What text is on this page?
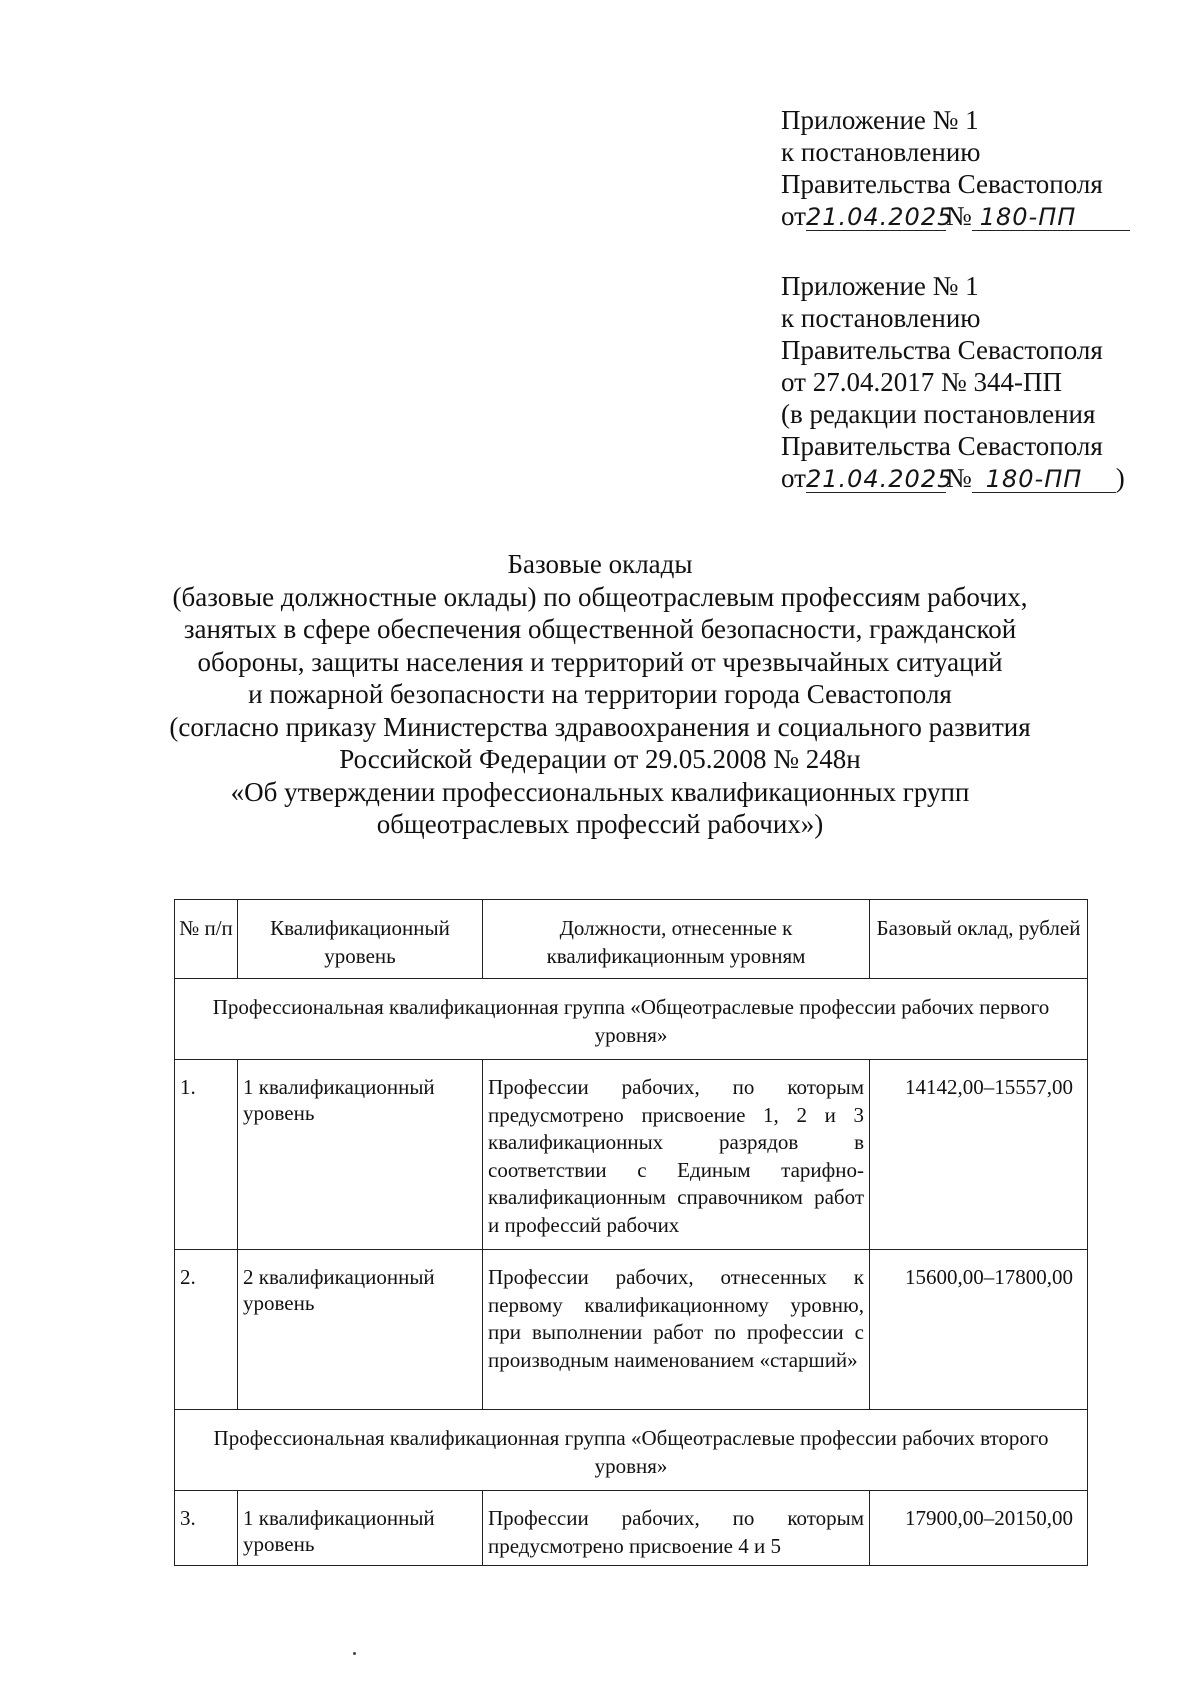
Приложение № 1
к постановлению
Правительства Севастополя
от21.04.2025№ 180-ПП
Приложение № 1
к постановлению
Правительства Севастополя
от 27.04.2017 № 344-ПП
(в редакции постановления
Правительства Севастополя
от21.04.2025№ 180-ПП )
Базовые оклады
(базовые должностные оклады) по общеотраслевым профессиям рабочих,
занятых в сфере обеспечения общественной безопасности, гражданской
обороны, защиты населения и территорий от чрезвычайных ситуаций
и пожарной безопасности на территории города Севастополя
(согласно приказу Министерства здравоохранения и социального развития
Российской Федерации от 29.05.2008 № 248н
«Об утверждении профессиональных квалификационных групп
общеотраслевых профессий рабочих»)
№ п/п	Квалификационный уровень	Должности, отнесенные к квалификационным уровням	Базовый оклад, рублей
Профессиональная квалификационная группа «Общеотраслевые профессии рабочих первого уровня»			
1.	1 квалификационный уровень	Профессии рабочих, по которым предусмотрено присвоение 1, 2 и 3 квалификационных разрядов в соответствии с Единым тарифно-квалификационным справочником работ и профессий рабочих	14142,00–15557,00
2.	2 квалификационный уровень	Профессии рабочих, отнесенных к первому квалификационному уровню, при выполнении работ по профессии с производным наименованием «старший»	15600,00–17800,00
Профессиональная квалификационная группа «Общеотраслевые профессии рабочих второго уровня»			
3.	1 квалификационный уровень	Профессии рабочих, по которым предусмотрено присвоение 4 и 5	17900,00–20150,00
